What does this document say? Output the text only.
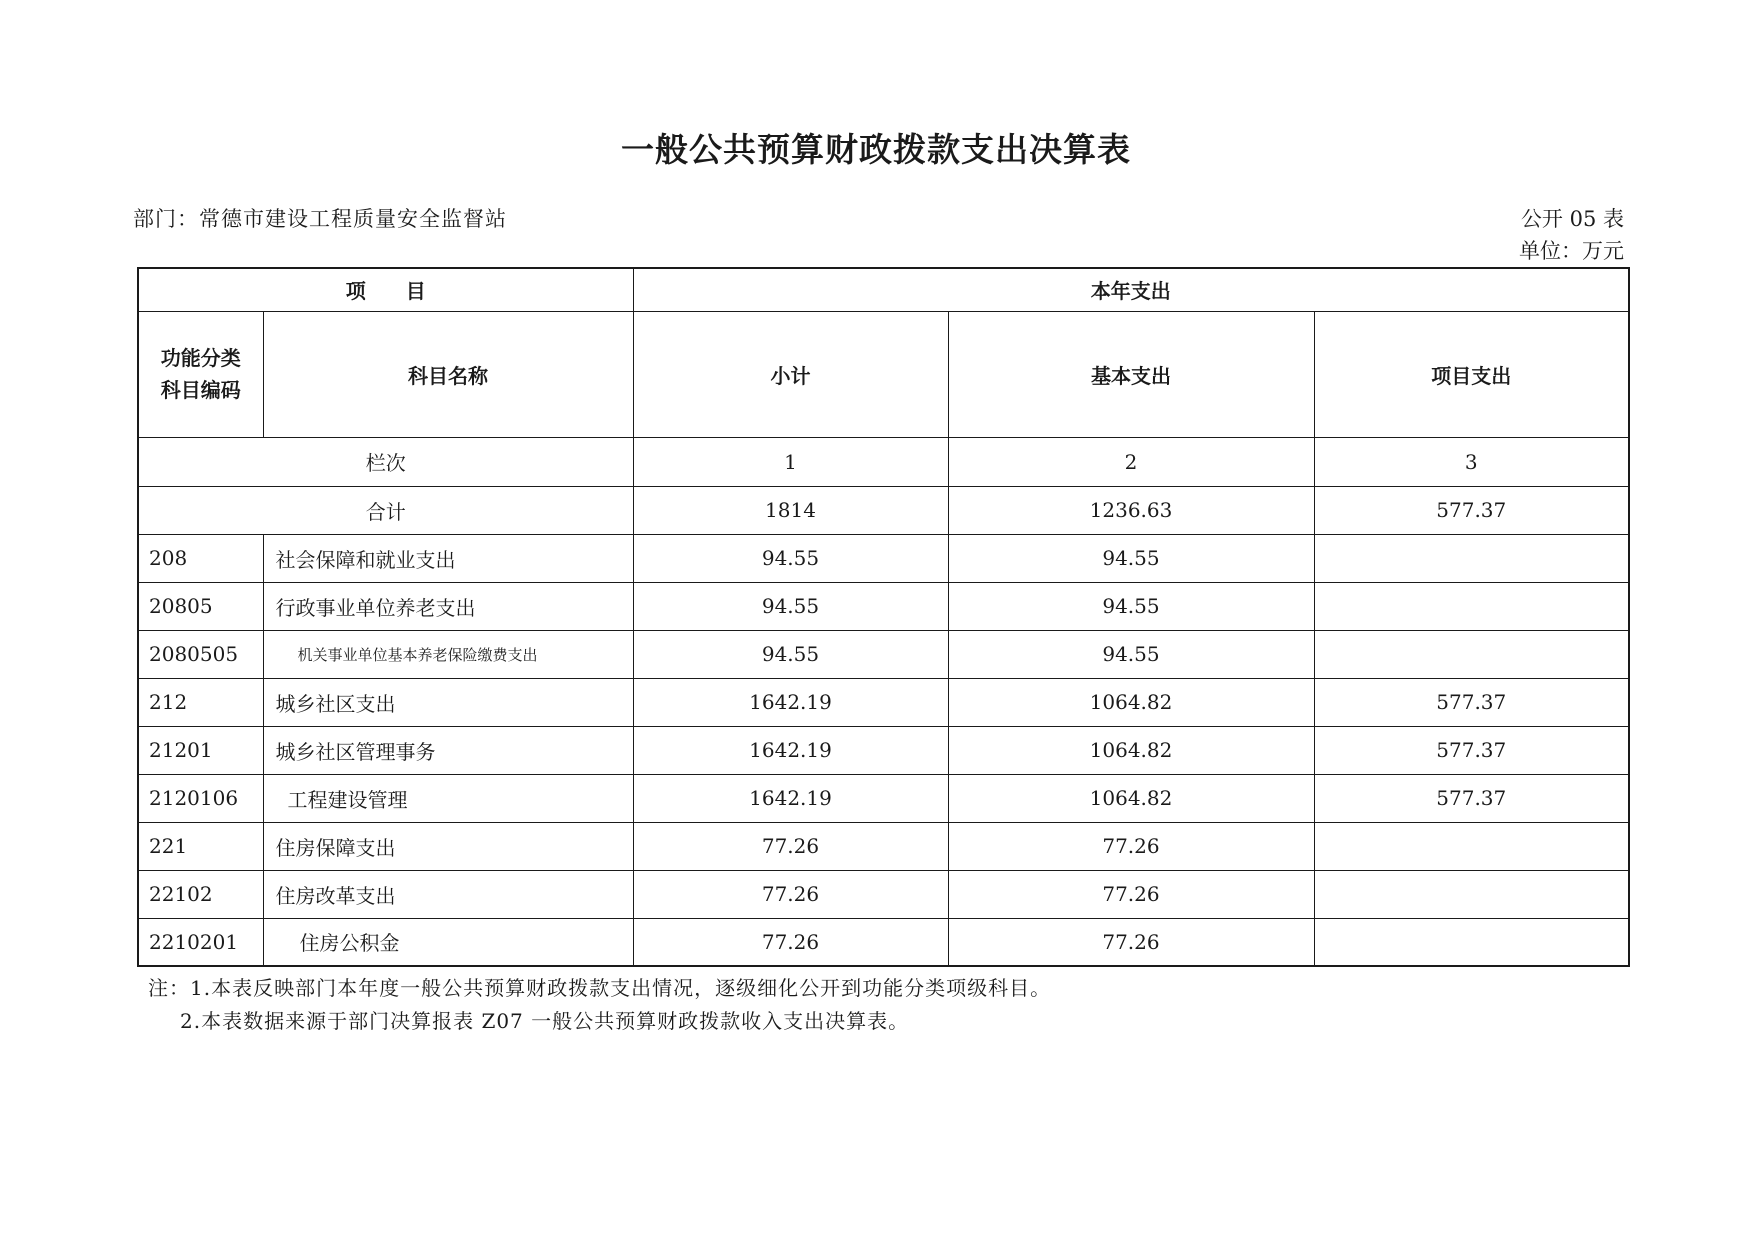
一般公共预算财政拨款支出决算表
部门：常德市建设工程质量安全监督站	公开 05 表
单位：万元
项　　目		本年支出		
功能分类科目编码	科目名称	小计	基本支出	项目支出
栏次		1	2	3
合计		1814	1236.63	577.37
208	社会保障和就业支出	94.55	94.55	
20805	行政事业单位养老支出	94.55	94.55	
2080505	机关事业单位基本养老保险缴费支出	94.55	94.55	
212	城乡社区支出	1642.19	1064.82	577.37
21201	城乡社区管理事务	1642.19	1064.82	577.37
2120106	工程建设管理	1642.19	1064.82	577.37
221	住房保障支出	77.26	77.26	
22102	住房改革支出	77.26	77.26	
2210201	住房公积金	77.26	77.26	
注：1.本表反映部门本年度一般公共预算财政拨款支出情况，逐级细化公开到功能分类项级科目。
2.本表数据来源于部门决算报表 Z07 一般公共预算财政拨款收入支出决算表。
